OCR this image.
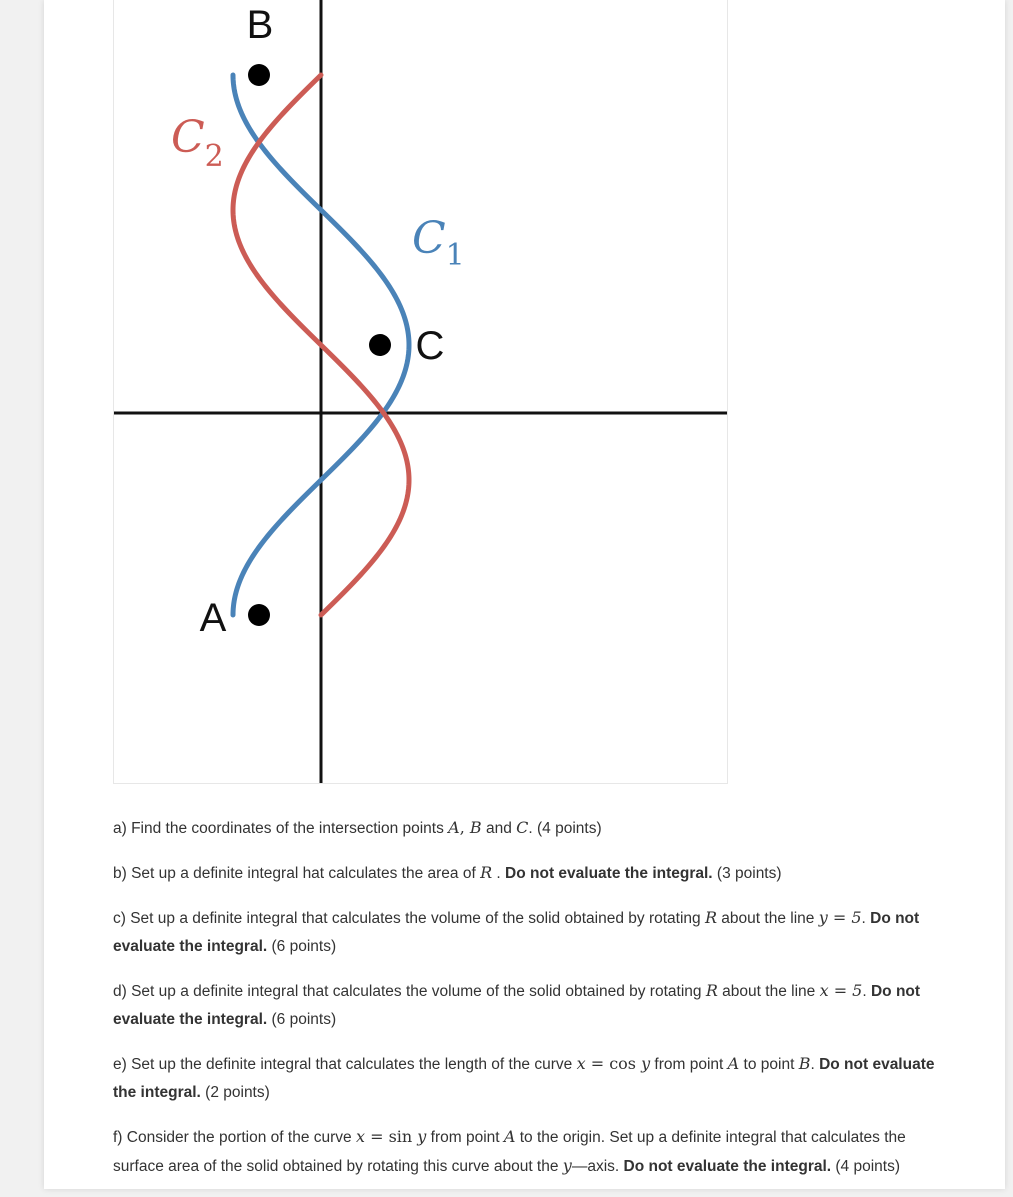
B
C
A
$C_2$
$C_1$

a) Find the coordinates of the intersection points A, B and C. (4 points)

b) Set up a definite integral hat calculates the area of R . Do not evaluate the integral. (3 points)

c) Set up a definite integral that calculates the volume of the solid obtained by rotating R about the line y = 5. Do not evaluate the integral. (6 points)

d) Set up a definite integral that calculates the volume of the solid obtained by rotating R about the line x = 5. Do not evaluate the integral. (6 points)

e) Set up the definite integral that calculates the length of the curve x = cos y from point A to point B. Do not evaluate the integral. (2 points)

f) Consider the portion of the curve x = sin y from point A to the origin. Set up a definite integral that calculates the surface area of the solid obtained by rotating this curve about the y—axis. Do not evaluate the integral. (4 points)
